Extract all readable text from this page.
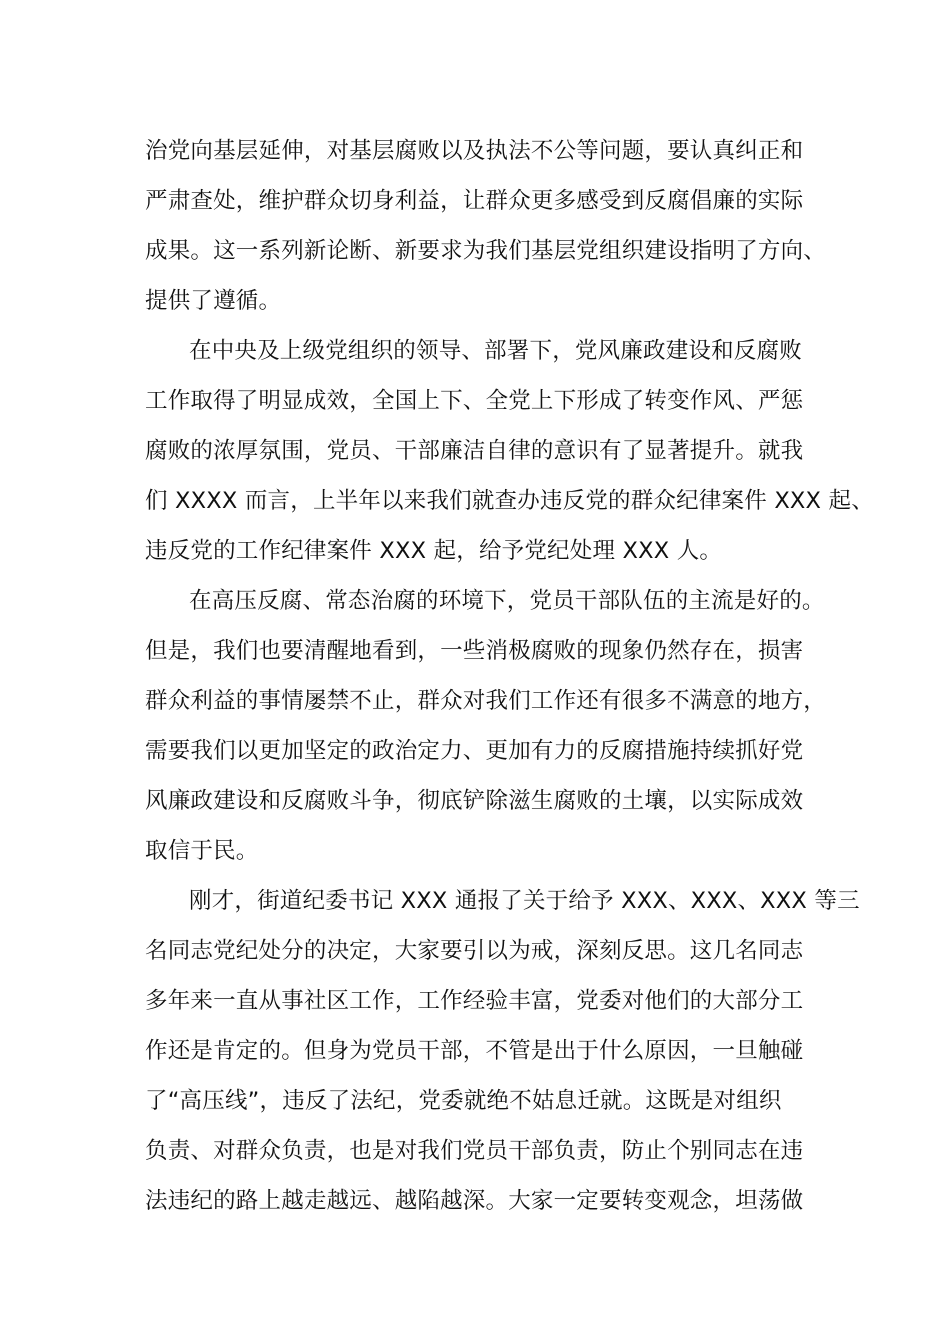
治党向基层延伸，对基层腐败以及执法不公等问题，要认真纠正和
严肃查处，维护群众切身利益，让群众更多感受到反腐倡廉的实际
成果。这一系列新论断、新要求为我们基层党组织建设指明了方向、
提供了遵循。
在中央及上级党组织的领导、部署下，党风廉政建设和反腐败
工作取得了明显成效，全国上下、全党上下形成了转变作风、严惩
腐败的浓厚氛围，党员、干部廉洁自律的意识有了显著提升。就我
们 XXXX 而言，上半年以来我们就查办违反党的群众纪律案件 XXX 起、
违反党的工作纪律案件 XXX 起，给予党纪处理 XXX 人。
在高压反腐、常态治腐的环境下，党员干部队伍的主流是好的。
但是，我们也要清醒地看到，一些消极腐败的现象仍然存在，损害
群众利益的事情屡禁不止，群众对我们工作还有很多不满意的地方，
需要我们以更加坚定的政治定力、更加有力的反腐措施持续抓好党
风廉政建设和反腐败斗争，彻底铲除滋生腐败的土壤，以实际成效
取信于民。
刚才，街道纪委书记 XXX 通报了关于给予 XXX、XXX、XXX 等三
名同志党纪处分的决定，大家要引以为戒，深刻反思。这几名同志
多年来一直从事社区工作，工作经验丰富，党委对他们的大部分工
作还是肯定的。但身为党员干部，不管是出于什么原因，一旦触碰
了“高压线”，违反了法纪，党委就绝不姑息迁就。这既是对组织
负责、对群众负责，也是对我们党员干部负责，防止个别同志在违
法违纪的路上越走越远、越陷越深。大家一定要转变观念，坦荡做
